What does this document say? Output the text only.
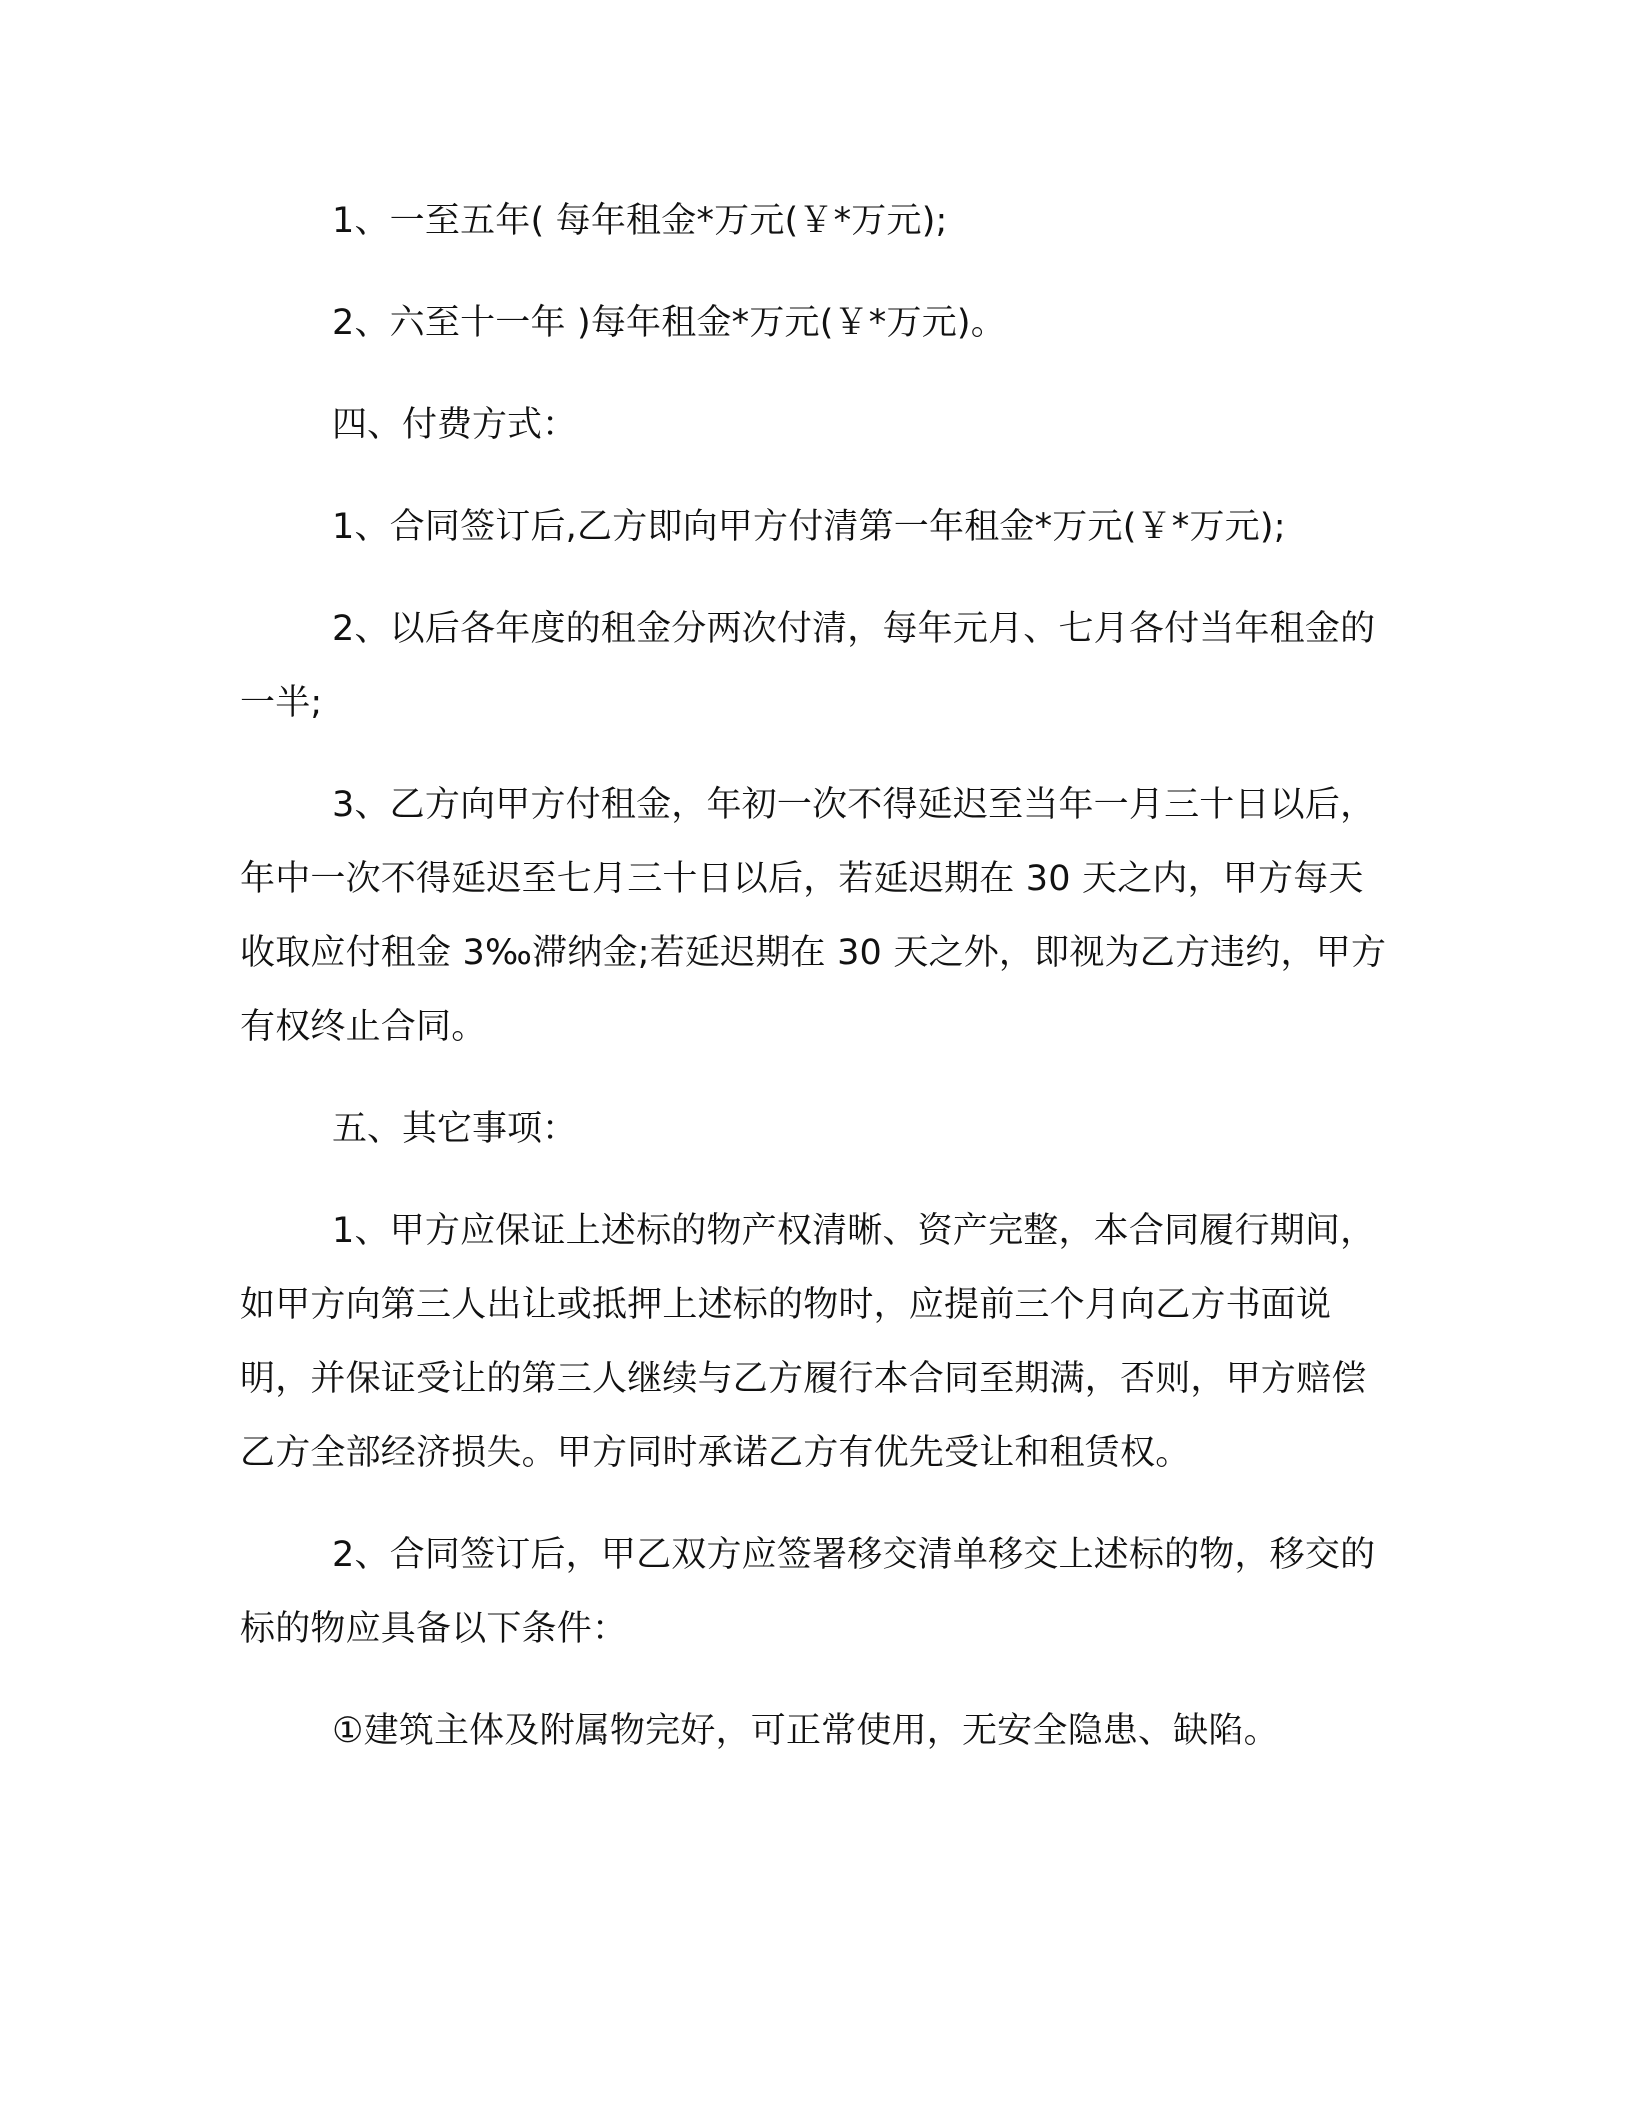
1、一至五年( 每年租金*万元(￥*万元);

2、六至十一年 )每年租金*万元(￥*万元)。

四、付费方式：

1、合同签订后,乙方即向甲方付清第一年租金*万元(￥*万元);

2、以后各年度的租金分两次付清，每年元月、七月各付当年租金的一半;

3、乙方向甲方付租金，年初一次不得延迟至当年一月三十日以后，年中一次不得延迟至七月三十日以后，若延迟期在 30 天之内，甲方每天收取应付租金 3‰滞纳金;若延迟期在 30 天之外，即视为乙方违约，甲方有权终止合同。

五、其它事项：

1、甲方应保证上述标的物产权清晰、资产完整，本合同履行期间，如甲方向第三人出让或抵押上述标的物时，应提前三个月向乙方书面说明，并保证受让的第三人继续与乙方履行本合同至期满，否则，甲方赔偿乙方全部经济损失。甲方同时承诺乙方有优先受让和租赁权。

2、合同签订后，甲乙双方应签署移交清单移交上述标的物，移交的标的物应具备以下条件：

①建筑主体及附属物完好，可正常使用，无安全隐患、缺陷。
